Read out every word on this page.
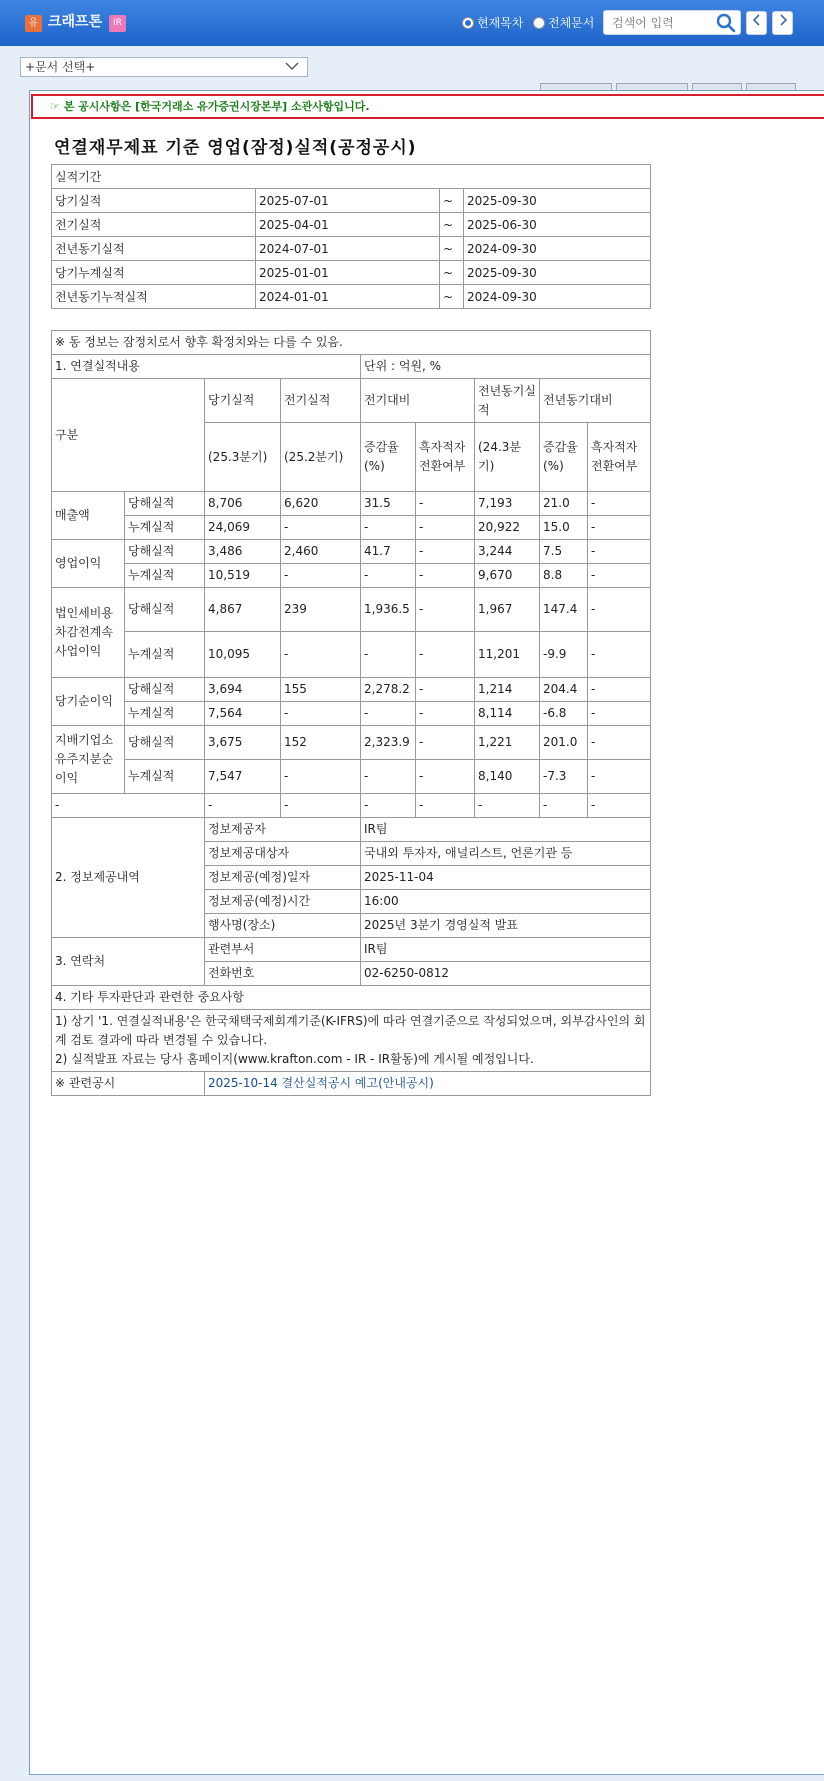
유 크래프톤	IR	현재목차 전체문서
검색어 입력
+문서 선택+
☞ 본 공시사항은 [한국거래소 유가증권시장본부] 소관사항입니다.
연결재무제표 기준 영업(잠정)실적(공정공시)
실적기간			
당기실적	2025-07-01	~	2025-09-30
전기실적	2025-04-01	~	2025-06-30
전년동기실적	2024-07-01	~	2024-09-30
당기누계실적	2025-01-01	~	2025-09-30
전년동기누적실적	2024-01-01	~	2024-09-30
※ 동 정보는 잠정치로서 향후 확정치와는 다를 수 있음.								
1. 연결실적내용				단위 : 억원, %				
구분		당기실적	전기실적	전기대비		전년동기실적	전년동기대비	
		(25.3분기)	(25.2분기)	증감율(%)	흑자적자전환여부	(24.3분기)	증감율(%)	흑자적자전환여부
매출액	당해실적	8,706	6,620	31.5	-	7,193	21.0	-
	누계실적	24,069	-	-	-	20,922	15.0	-
영업이익	당해실적	3,486	2,460	41.7	-	3,244	7.5	-
	누계실적	10,519	-	-	-	9,670	8.8	-
법인세비용차감전계속사업이익	당해실적	4,867	239	1,936.5	-	1,967	147.4	-
	누계실적	10,095	-	-	-	11,201	-9.9	-
당기순이익	당해실적	3,694	155	2,278.2	-	1,214	204.4	-
	누계실적	7,564	-	-	-	8,114	-6.8	-
지배기업소유주지분순이익	당해실적	3,675	152	2,323.9	-	1,221	201.0	-
	누계실적	7,547	-	-	-	8,140	-7.3	-
-		-	-	-	-	-	-	-
2. 정보제공내역		정보제공자		IR팀				
		정보제공대상자		국내외 투자자, 애널리스트, 언론기관 등				
		정보제공(예정)일자		2025-11-04				
		정보제공(예정)시간		16:00				
		행사명(장소)		2025년 3분기 경영실적 발표				
3. 연락처		관련부서		IR팀				
		전화번호		02-6250-0812				
4. 기타 투자판단과 관련한 중요사항								

1) 상기 '1. 연결실적내용'은 한국채택국제회계기준(K-IFRS)에 따라 연결기준으로 작성되었으며, 외부감사인의 회계 검토 결과에 따라 변경될 수 있습니다.
2) 실적발표 자료는 당사 홈페이지(www.krafton.com - IR - IR활동)에 게시될 예정입니다.								

※ 관련공시		2025-10-14 결산실적공시 예고(안내공시)						
